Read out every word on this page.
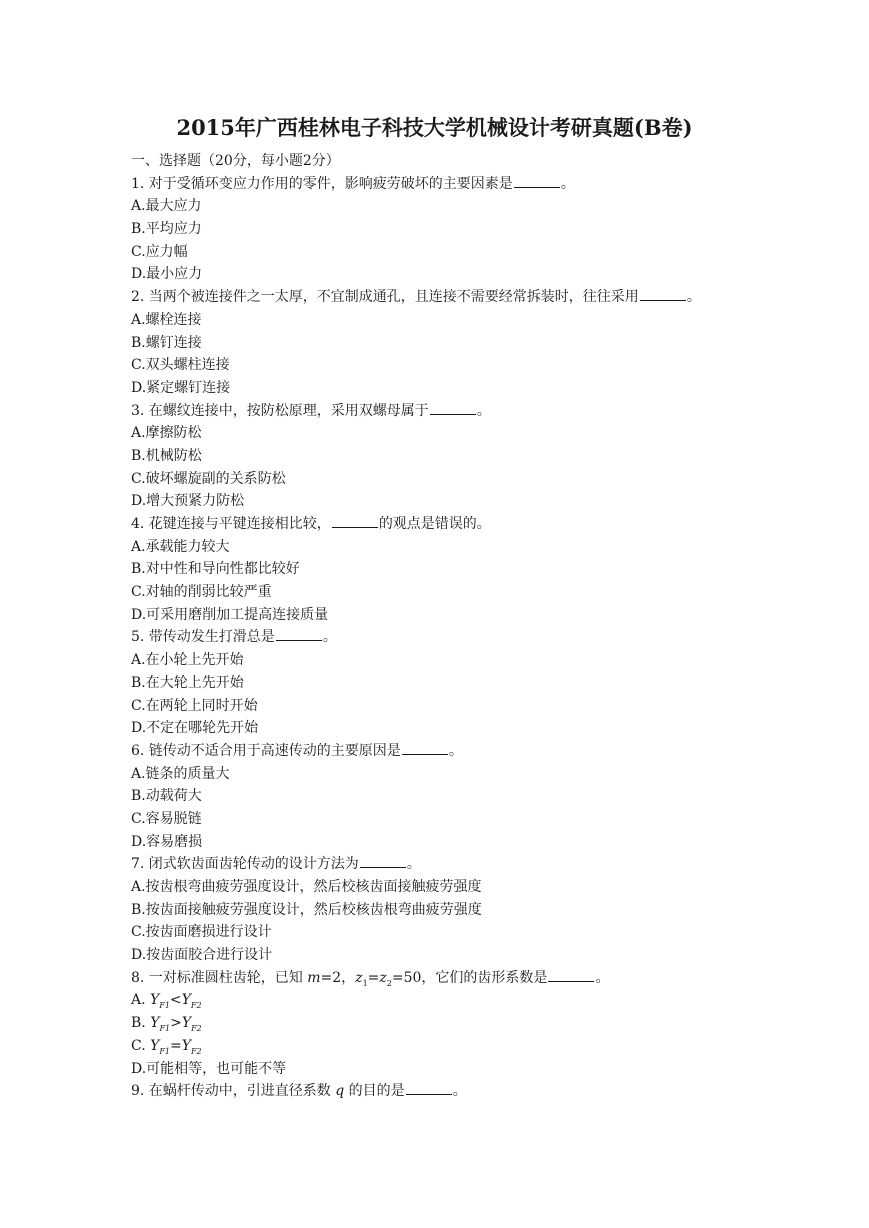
2015年广西桂林电子科技大学机械设计考研真题(B卷)
一、选择题（20分，每小题2分）
1. 对于受循环变应力作用的零件，影响疲劳破坏的主要因素是	。
A.最大应力
B.平均应力
C.应力幅
D.最小应力
2. 当两个被连接件之一太厚，不宜制成通孔，且连接不需要经常拆装时，往往采用	。
A.螺栓连接
B.螺钉连接
C.双头螺柱连接
D.紧定螺钉连接
3. 在螺纹连接中，按防松原理，采用双螺母属于	。
A.摩擦防松
B.机械防松
C.破坏螺旋副的关系防松
D.增大预紧力防松
4. 花键连接与平键连接相比较，	的观点是错误的。
A.承载能力较大
B.对中性和导向性都比较好
C.对轴的削弱比较严重
D.可采用磨削加工提高连接质量
5. 带传动发生打滑总是	。
A.在小轮上先开始
B.在大轮上先开始
C.在两轮上同时开始
D.不定在哪轮先开始
6. 链传动不适合用于高速传动的主要原因是	。
A.链条的质量大
B.动载荷大
C.容易脱链
D.容易磨损
7. 闭式软齿面齿轮传动的设计方法为	。
A.按齿根弯曲疲劳强度设计，然后校核齿面接触疲劳强度
B.按齿面接触疲劳强度设计，然后校核齿根弯曲疲劳强度
C.按齿面磨损进行设计
D.按齿面胶合进行设计
8. 一对标准圆柱齿轮，已知 m=2，$z_1=z_2=50$，它们的齿形系数是	。
A. $Y_{F1}<Y_{F2}$
B. $Y_{F1}>Y_{F2}$
C. $Y_{F1}=Y_{F2}$
D.可能相等，也可能不等
9. 在蜗杆传动中，引进直径系数 q 的目的是	。
